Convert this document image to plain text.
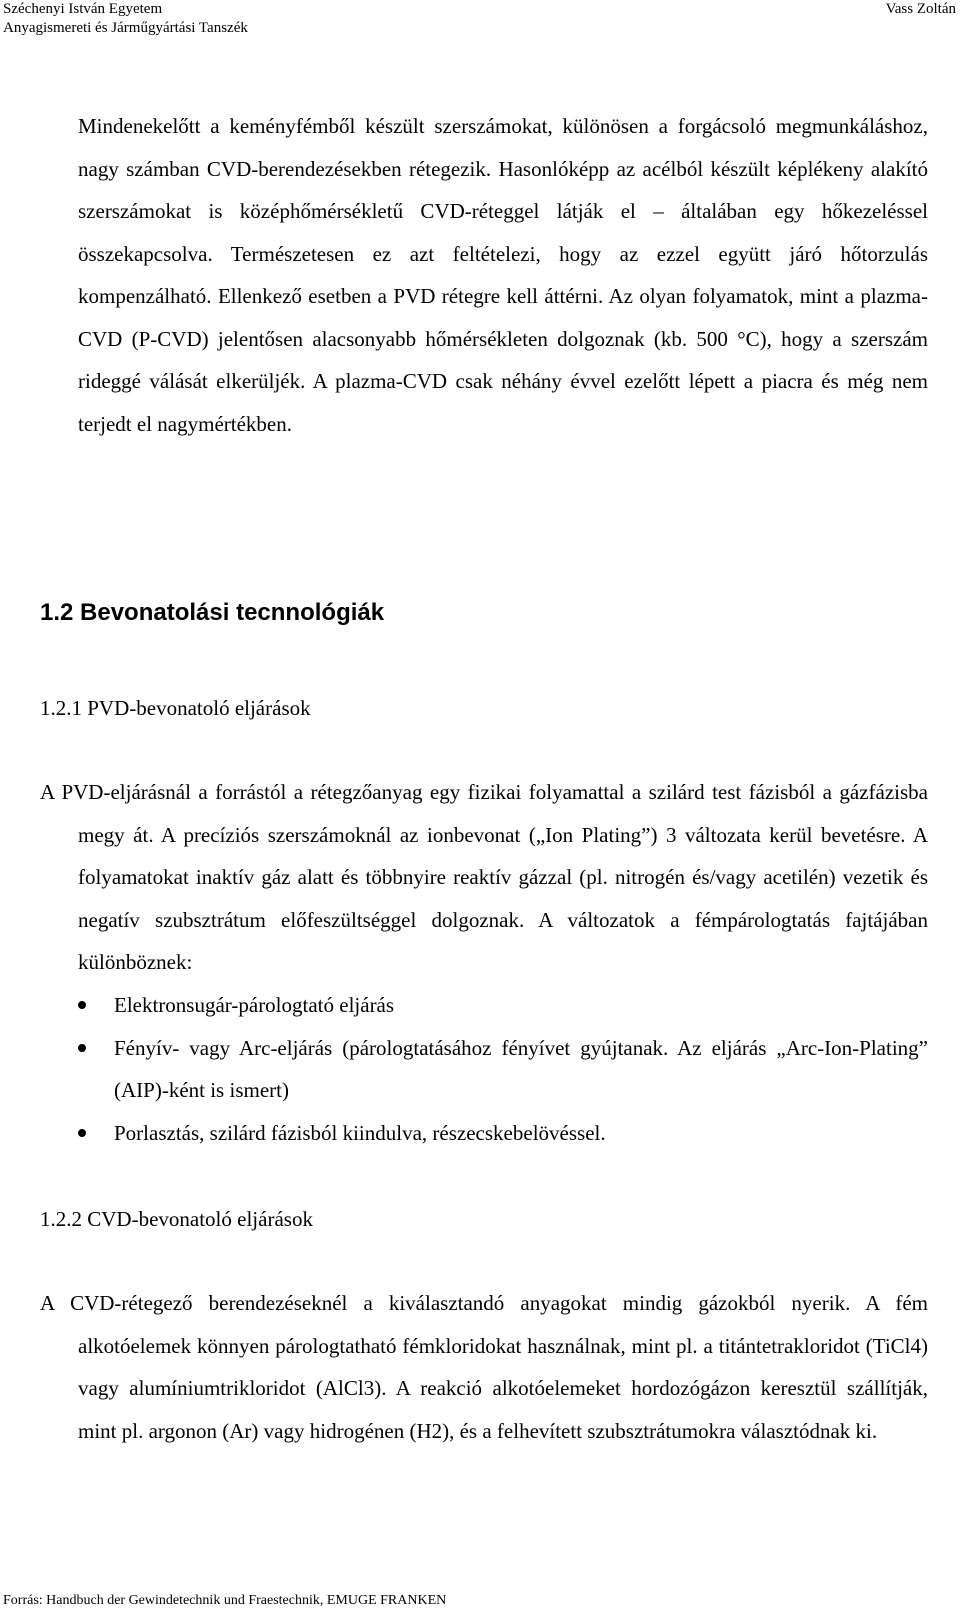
Széchenyi István Egyetem
Anyagismereti és Járműgyártási Tanszék
Vass Zoltán
Mindenekelőtt a keményfémből készült szerszámokat, különösen a forgácsoló megmunkáláshoz, nagy számban CVD-berendezésekben rétegezik. Hasonlóképp az acélból készült képlékeny alakító szerszámokat is középhőmérsékletű CVD-réteggel látják el – általában egy hőkezeléssel összekapcsolva. Természetesen ez azt feltételezi, hogy az ezzel együtt járó hőtorzulás kompenzálható. Ellenkező esetben a PVD rétegre kell áttérni. Az olyan folyamatok, mint a plazma-CVD (P-CVD) jelentősen alacsonyabb hőmérsékleten dolgoznak (kb. 500 °C), hogy a szerszám rideggé válását elkerüljék. A plazma-CVD csak néhány évvel ezelőtt lépett a piacra és még nem terjedt el nagymértékben.
1.2 Bevonatolási tecnnológiák
1.2.1 PVD-bevonatoló eljárások
A PVD-eljárásnál a forrástól a rétegzőanyag egy fizikai folyamattal a szilárd test fázisból a gázfázisba megy át. A precíziós szerszámoknál az ionbevonat („Ion Plating”) 3 változata kerül bevetésre. A folyamatokat inaktív gáz alatt és többnyire reaktív gázzal (pl. nitrogén és/vagy acetilén) vezetik és negatív szubsztrátum előfeszültséggel dolgoznak. A változatok a fémpárologtatás fajtájában különböznek:
Elektronsugár-párologtató eljárás
Fényív- vagy Arc-eljárás (párologtatásához fényívet gyújtanak. Az eljárás „Arc-Ion-Plating” (AIP)-ként is ismert)
Porlasztás, szilárd fázisból kiindulva, részecskebelövéssel.
1.2.2 CVD-bevonatoló eljárások
A CVD-rétegező berendezéseknél a kiválasztandó anyagokat mindig gázokból nyerik. A fém alkotóelemek könnyen párologtatható fémkloridokat használnak, mint pl. a titántetrakloridot (TiCl4) vagy alumíniumtrikloridot (AlCl3). A reakció alkotóelemeket hordozógázon keresztül szállítják, mint pl. argonon (Ar) vagy hidrogénen (H2), és a felhevített szubsztrátumokra választódnak ki.
Forrás: Handbuch der Gewindetechnik und Fraestechnik, EMUGE FRANKEN
